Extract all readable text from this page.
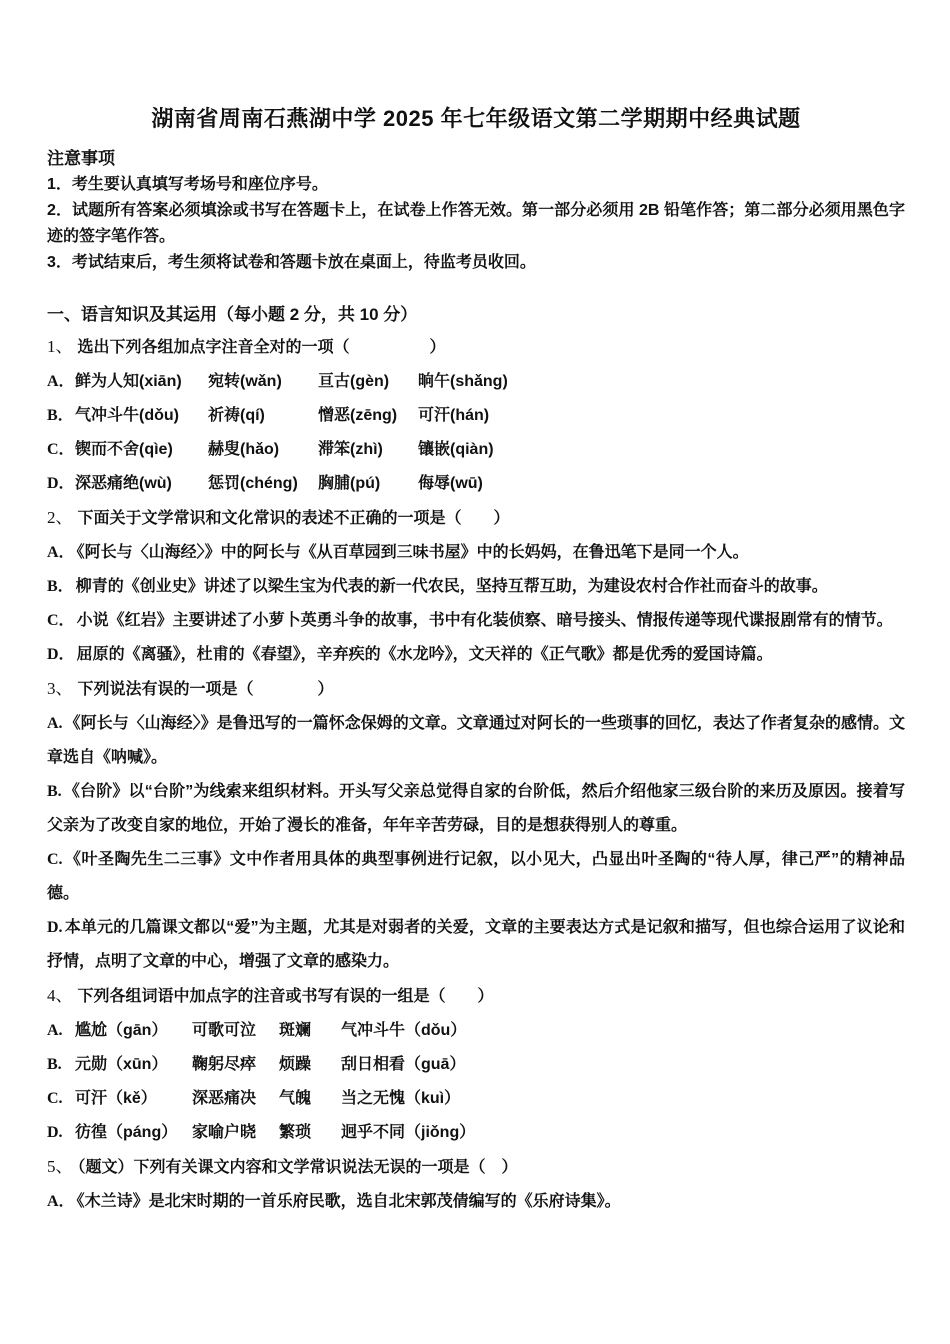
湖南省周南石燕湖中学 2025 年七年级语文第二学期期中经典试题
注意事项

1．考生要认真填写考场号和座位序号。

2．试题所有答案必须填涂或书写在答题卡上，在试卷上作答无效。第一部分必须用 2B 铅笔作答；第二部分必须用黑色字迹的签字笔作答。

3．考试结束后，考生须将试卷和答题卡放在桌面上，待监考员收回。

一、语言知识及其运用（每小题 2 分，共 10 分）
1、 选出下列各组加点字注音全对的一项（　　　　　）
A． 鲜为人知(xiān)	宛转(wǎn)	亘古(gèn)	晌午(shǎng)
B． 气冲斗牛(dǒu)	祈祷(qí)	憎恶(zēng)	可汗(hán)
C． 锲而不舍(qìe)	赫叟(hǎo)	滞笨(zhì)	镶嵌(qiàn)
D． 深恶痛绝(wù)	惩罚(chéng)	胸脯(pú)	侮辱(wū)
2、 下面关于文学常识和文化常识的表述不正确的一项是（　　）

A． 《阿长与〈山海经〉》中的阿长与《从百草园到三味书屋》中的长妈妈，在鲁迅笔下是同一个人。

B． 柳青的《创业史》讲述了以梁生宝为代表的新一代农民，坚持互帮互助，为建设农村合作社而奋斗的故事。

C． 小说《红岩》主要讲述了小萝卜英勇斗争的故事，书中有化装侦察、暗号接头、情报传递等现代谍报剧常有的情节。

D． 屈原的《离骚》，杜甫的《春望》，辛弃疾的《水龙吟》，文天祥的《正气歌》都是优秀的爱国诗篇。

3、 下列说法有误的一项是（　　　　）

A. 《阿长与〈山海经〉》是鲁迅写的一篇怀念保姆的文章。文章通过对阿长的一些琐事的回忆，表达了作者复杂的感情。文章选自《呐喊》。

B. 《台阶》以“台阶”为线索来组织材料。开头写父亲总觉得自家的台阶低，然后介绍他家三级台阶的来历及原因。接着写父亲为了改变自家的地位，开始了漫长的准备，年年辛苦劳碌，目的是想获得别人的尊重。

C. 《叶圣陶先生二三事》文中作者用具体的典型事例进行记叙，以小见大，凸显出叶圣陶的“待人厚，律己严”的精神品德。

D. 本单元的几篇课文都以“爱”为主题，尤其是对弱者的关爱，文章的主要表达方式是记叙和描写，但也综合运用了议论和抒情，点明了文章的中心，增强了文章的感染力。

4、 下列各组词语中加点字的注音或书写有误的一组是（　　）
A. 尴尬（gān）	可歌可泣	斑斓	气冲斗牛（dǒu）
B. 元勋（xūn）	鞠躬尽瘁	烦躁	刮日相看（guā）
C. 可汗（kě）	深恶痛决	气魄	当之无愧（kuì）
D. 彷徨（páng） 家喻户晓	繁琐	迥乎不同（jiǒng）
5、 （题文）下列有关课文内容和文学常识说法无误的一项是（　）

A． 《木兰诗》是北宋时期的一首乐府民歌，选自北宋郭茂倩编写的《乐府诗集》。
